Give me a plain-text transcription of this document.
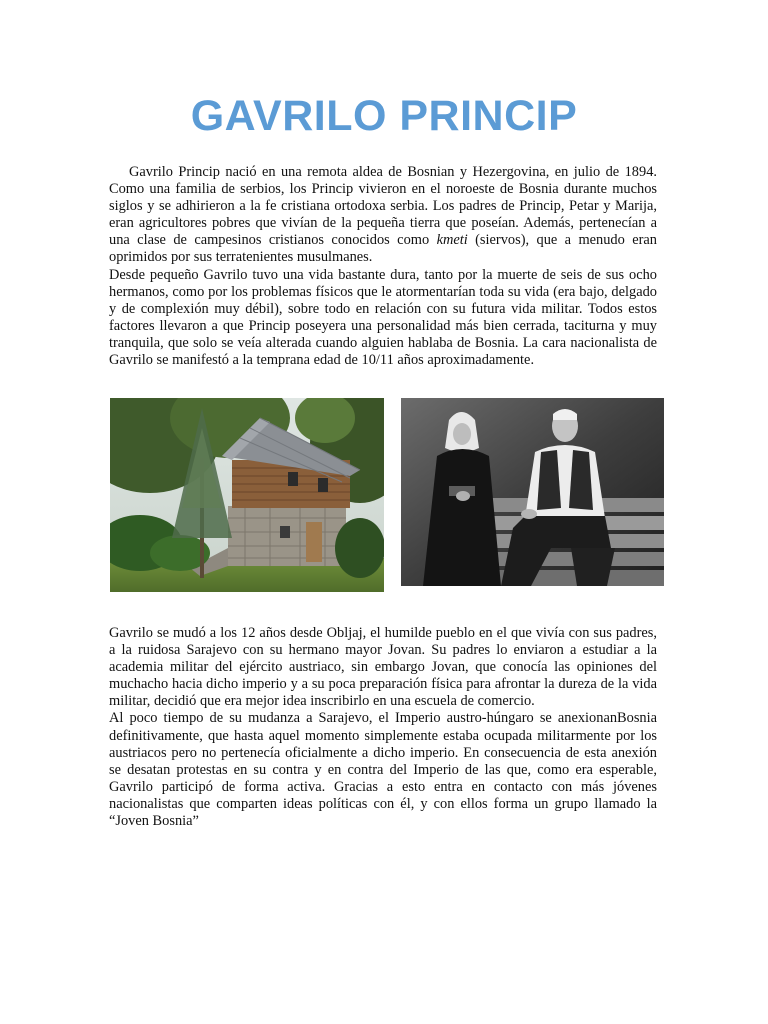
GAVRILO PRINCIP

Gavrilo Princip nació en una remota aldea de Bosnian y Hezergovina, en julio de 1894. Como una familia de serbios, los Princip vivieron en el noroeste de Bosnia durante muchos siglos y se adhirieron a la fe cristiana ortodoxa serbia. Los padres de Princip, Petar y Marija, eran agricultores pobres que vivían de la pequeña tierra que poseían. Además, pertenecían a una clase de campesinos cristianos conocidos como kmeti (siervos), que a menudo eran oprimidos por sus terratenientes musulmanes.
Desde pequeño Gavrilo tuvo una vida bastante dura, tanto por la muerte de seis de sus ocho hermanos, como por los problemas físicos que le atormentarían toda su vida (era bajo, delgado y de complexión muy débil), sobre todo en relación con su futura vida militar. Todos estos factores llevaron a que Princip poseyera una personalidad más bien cerrada, taciturna y muy tranquila, que solo se veía alterada cuando alguien hablaba de Bosnia. La cara nacionalista de Gavrilo se manifestó a la temprana edad de 10/11 años aproximadamente.

Gavrilo se mudó a los 12 años desde Obljaj, el humilde pueblo en el que vivía con sus padres, a la ruidosa Sarajevo con su hermano mayor Jovan. Su padres lo enviaron a estudiar a la academia militar del ejército austriaco, sin embargo Jovan, que conocía las opiniones del muchacho hacia dicho imperio y a su poca preparación física para afrontar la dureza de la vida militar, decidió que era mejor idea inscribirlo en una escuela de comercio.
Al poco tiempo de su mudanza a Sarajevo, el Imperio austro-húngaro se anexionanBosnia definitivamente, que hasta aquel momento simplemente estaba ocupada militarmente por los austriacos pero no pertenecía oficialmente a dicho imperio. En consecuencia de esta anexión se desatan protestas en su contra y en contra del Imperio de las que, como era esperable, Gavrilo participó de forma activa. Gracias a esto entra en contacto con más jóvenes nacionalistas que comparten ideas políticas con él, y con ellos forma un grupo llamado la “Joven Bosnia”
